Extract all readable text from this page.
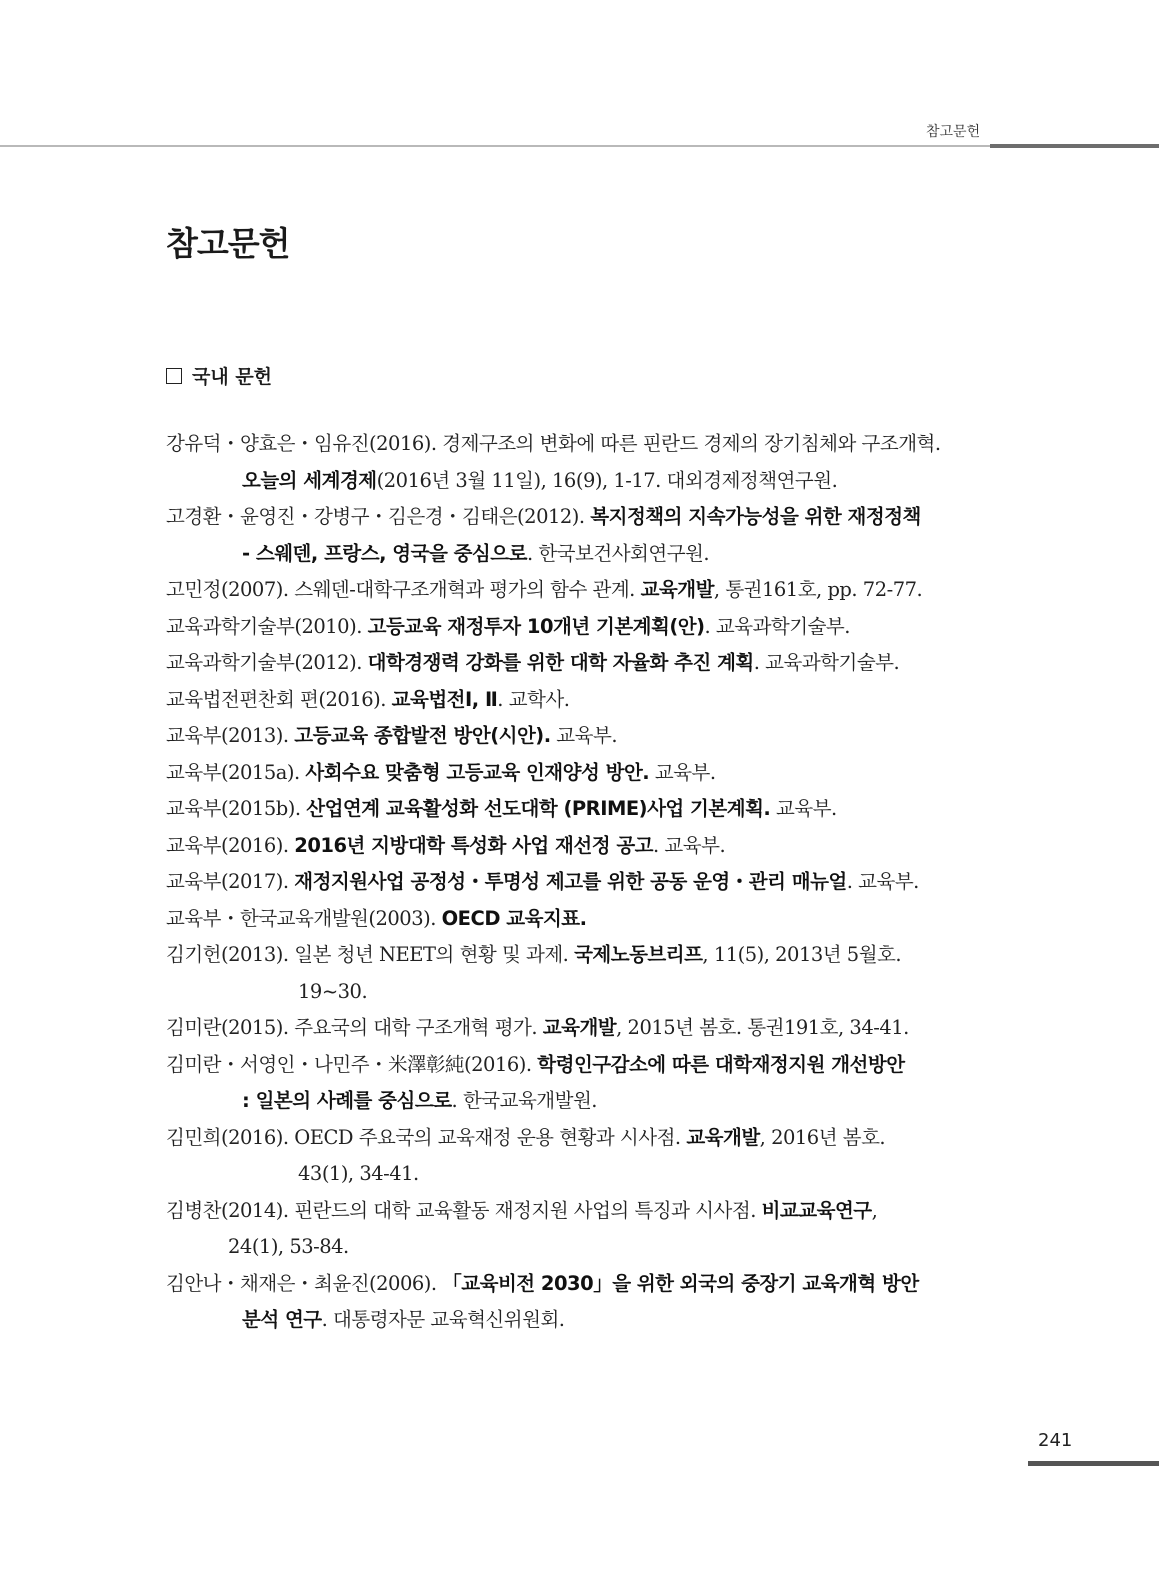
참고문헌
참고문헌
국내 문헌
강유덕・양효은・임유진(2016). 경제구조의 변화에 따른 핀란드 경제의 장기침체와 구조개혁.
오늘의 세계경제(2016년 3월 11일), 16(9), 1-17. 대외경제정책연구원.
고경환・윤영진・강병구・김은경・김태은(2012). 복지정책의 지속가능성을 위한 재정정책
- 스웨덴, 프랑스, 영국을 중심으로. 한국보건사회연구원.
고민정(2007). 스웨덴-대학구조개혁과 평가의 함수 관계. 교육개발, 통권161호, pp. 72-77.
교육과학기술부(2010). 고등교육 재정투자 10개년 기본계획(안). 교육과학기술부.
교육과학기술부(2012). 대학경쟁력 강화를 위한 대학 자율화 추진 계획. 교육과학기술부.
교육법전편찬회 편(2016). 교육법전Ⅰ, Ⅱ. 교학사.
교육부(2013). 고등교육 종합발전 방안(시안). 교육부.
교육부(2015a). 사회수요 맞춤형 고등교육 인재양성 방안. 교육부.
교육부(2015b). 산업연계 교육활성화 선도대학 (PRIME)사업 기본계획. 교육부.
교육부(2016). 2016년 지방대학 특성화 사업 재선정 공고. 교육부.
교육부(2017). 재정지원사업 공정성・투명성 제고를 위한 공동 운영・관리 매뉴얼. 교육부.
교육부・한국교육개발원(2003). OECD 교육지표.
김기헌(2013). 일본 청년 NEET의 현황 및 과제. 국제노동브리프, 11(5), 2013년 5월호.
19~30.
김미란(2015). 주요국의 대학 구조개혁 평가. 교육개발, 2015년 봄호. 통권191호, 34-41.
김미란・서영인・나민주・米澤彰純(2016). 학령인구감소에 따른 대학재정지원 개선방안
: 일본의 사례를 중심으로. 한국교육개발원.
김민희(2016). OECD 주요국의 교육재정 운용 현황과 시사점. 교육개발, 2016년 봄호.
43(1), 34-41.
김병찬(2014). 핀란드의 대학 교육활동 재정지원 사업의 특징과 시사점. 비교교육연구,
24(1), 53-84.
김안나・채재은・최윤진(2006). 「교육비전 2030」을 위한 외국의 중장기 교육개혁 방안
분석 연구. 대통령자문 교육혁신위원회.
241
